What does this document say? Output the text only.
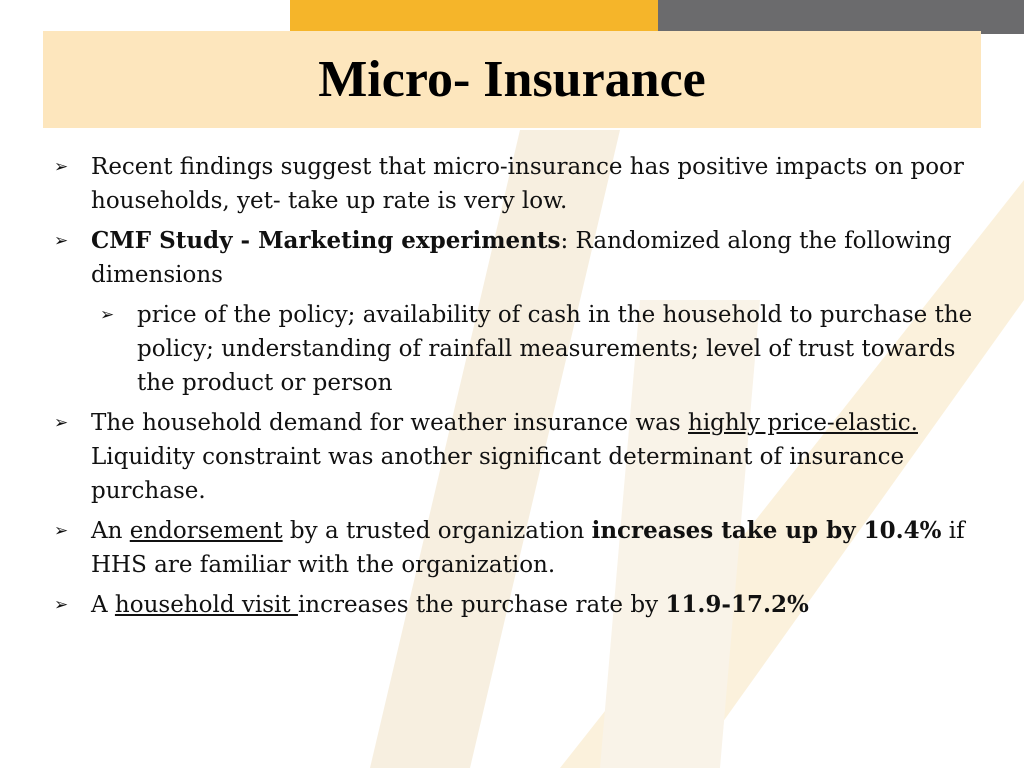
Micro- Insurance

➢ Recent findings suggest that micro-insurance has positive impacts on poor households, yet- take up rate is very low.

➢ CMF Study - Marketing experiments: Randomized along the following dimensions

➢ price of the policy; availability of cash in the household to purchase the policy; understanding of rainfall measurements; level of trust towards the product or person

➢ The household demand for weather insurance was highly price-elastic. Liquidity constraint was another significant determinant of insurance purchase.

➢ An endorsement by a trusted organization increases take up by 10.4% if HHS are familiar with the organization.

➢ A household visit increases the purchase rate by 11.9-17.2%
